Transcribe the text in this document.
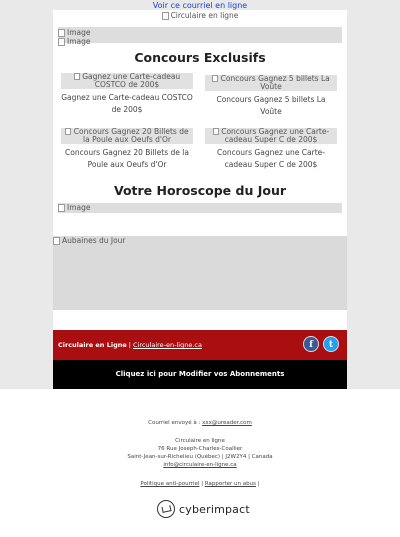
Voir ce courriel en ligne
Circulaire en ligne
Image
Image
Concours Exclusifs
Gagnez une Carte-cadeau COSTCO de 200$
Gagnez une Carte-cadeau COSTCO de 200$
Concours Gagnez 5 billets La Voûte
Concours Gagnez 5 billets La Voûte
Concours Gagnez 20 Billets de la Poule aux Oeufs d'Or
Concours Gagnez 20 Billets de la Poule aux Oeufs d'Or
Concours Gagnez une Carte-cadeau Super C de 200$
Concours Gagnez une Carte-cadeau Super C de 200$
Votre Horoscope du Jour
Image
Aubaines du Jour
Circulaire en Ligne | Circulaire-en-ligne.ca	f	t
Cliquez ici pour Modifier vos Abonnements

Courriel envoyé à : xxx@ureader.com

Circulaire en ligne

76 Rue Joseph-Charles-Coallier

Saint-Jean-sur-Richelieu (Québec) | J2W2Y4 | Canada

info@circulaire-en-ligne.ca

Politique anti-pourriel | Rapporter un abus |

cyberimpact
